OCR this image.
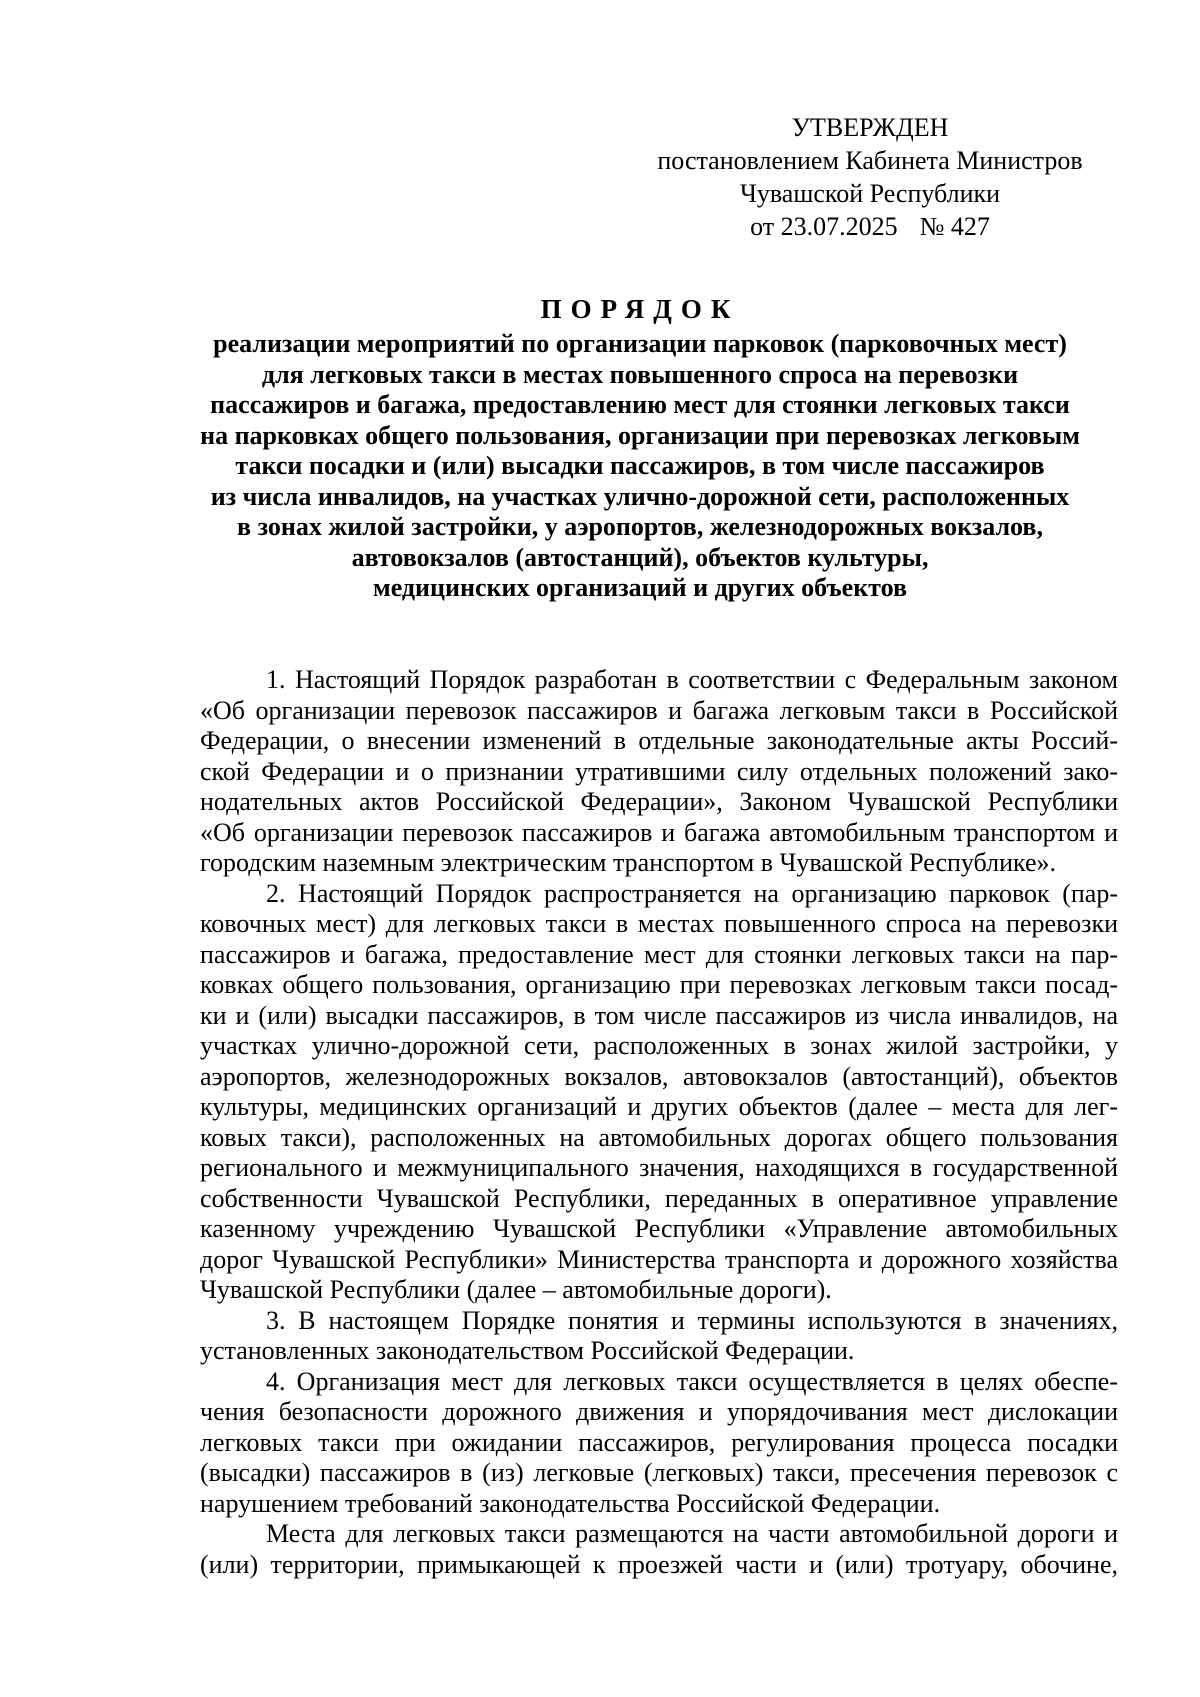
УТВЕРЖДЕН
постановлением Кабинета Министров
Чувашской Республики
от 23.07.2025 № 427
ПОРЯДОК
реализации мероприятий по организации парковок (парковочных мест)
для легковых такси в местах повышенного спроса на перевозки
пассажиров и багажа, предоставлению мест для стоянки легковых такси
на парковках общего пользования, организации при перевозках легковым
такси посадки и (или) высадки пассажиров, в том числе пассажиров
из числа инвалидов, на участках улично-дорожной сети, расположенных
в зонах жилой застройки, у аэропортов, железнодорожных вокзалов,
автовокзалов (автостанций), объектов культуры,
медицинских организаций и других объектов
1. Настоящий Порядок разработан в соответствии с Федеральным законом
«Об организации перевозок пассажиров и багажа легковым такси в Российской
Федерации, о внесении изменений в отдельные законодательные акты Россий-
ской Федерации и о признании утратившими силу отдельных положений зако-
нодательных актов Российской Федерации», Законом Чувашской Республики
«Об организации перевозок пассажиров и багажа автомобильным транспортом и
городским наземным электрическим транспортом в Чувашской Республике».
2. Настоящий Порядок распространяется на организацию парковок (пар-
ковочных мест) для легковых такси в местах повышенного спроса на перевозки
пассажиров и багажа, предоставление мест для стоянки легковых такси на пар-
ковках общего пользования, организацию при перевозках легковым такси посад-
ки и (или) высадки пассажиров, в том числе пассажиров из числа инвалидов, на
участках улично-дорожной сети, расположенных в зонах жилой застройки, у
аэропортов, железнодорожных вокзалов, автовокзалов (автостанций), объектов
культуры, медицинских организаций и других объектов (далее – места для лег-
ковых такси), расположенных на автомобильных дорогах общего пользования
регионального и межмуниципального значения, находящихся в государственной
собственности Чувашской Республики, переданных в оперативное управление
казенному учреждению Чувашской Республики «Управление автомобильных
дорог Чувашской Республики» Министерства транспорта и дорожного хозяйства
Чувашской Республики (далее – автомобильные дороги).
3. В настоящем Порядке понятия и термины используются в значениях,
установленных законодательством Российской Федерации.
4. Организация мест для легковых такси осуществляется в целях обеспе-
чения безопасности дорожного движения и упорядочивания мест дислокации
легковых такси при ожидании пассажиров, регулирования процесса посадки
(высадки) пассажиров в (из) легковые (легковых) такси, пресечения перевозок с
нарушением требований законодательства Российской Федерации.
Места для легковых такси размещаются на части автомобильной дороги и
(или) территории, примыкающей к проезжей части и (или) тротуару, обочине,
